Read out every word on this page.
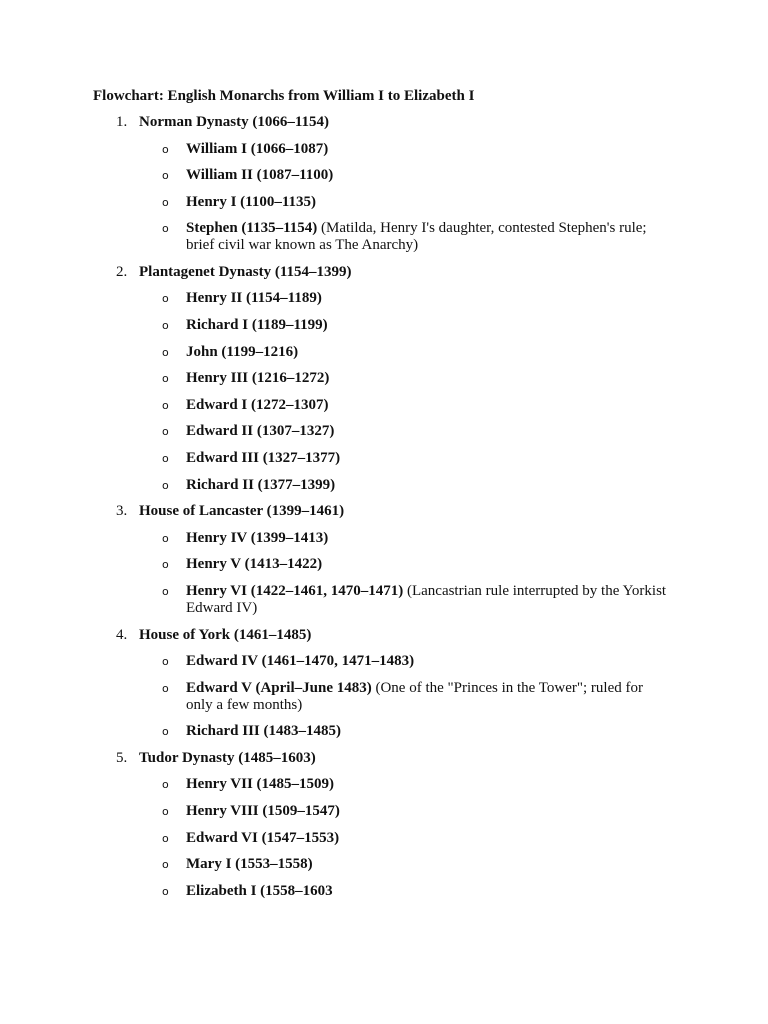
Flowchart: English Monarchs from William I to Elizabeth I
1. Norman Dynasty (1066–1154)
o William I (1066–1087)
o William II (1087–1100)
o Henry I (1100–1135)
o Stephen (1135–1154) (Matilda, Henry I's daughter, contested Stephen's rule; brief civil war known as The Anarchy)
2. Plantagenet Dynasty (1154–1399)
o Henry II (1154–1189)
o Richard I (1189–1199)
o John (1199–1216)
o Henry III (1216–1272)
o Edward I (1272–1307)
o Edward II (1307–1327)
o Edward III (1327–1377)
o Richard II (1377–1399)
3. House of Lancaster (1399–1461)
o Henry IV (1399–1413)
o Henry V (1413–1422)
o Henry VI (1422–1461, 1470–1471) (Lancastrian rule interrupted by the Yorkist Edward IV)
4. House of York (1461–1485)
o Edward IV (1461–1470, 1471–1483)
o Edward V (April–June 1483) (One of the "Princes in the Tower"; ruled for only a few months)
o Richard III (1483–1485)
5. Tudor Dynasty (1485–1603)
o Henry VII (1485–1509)
o Henry VIII (1509–1547)
o Edward VI (1547–1553)
o Mary I (1553–1558)
o Elizabeth I (1558–1603
